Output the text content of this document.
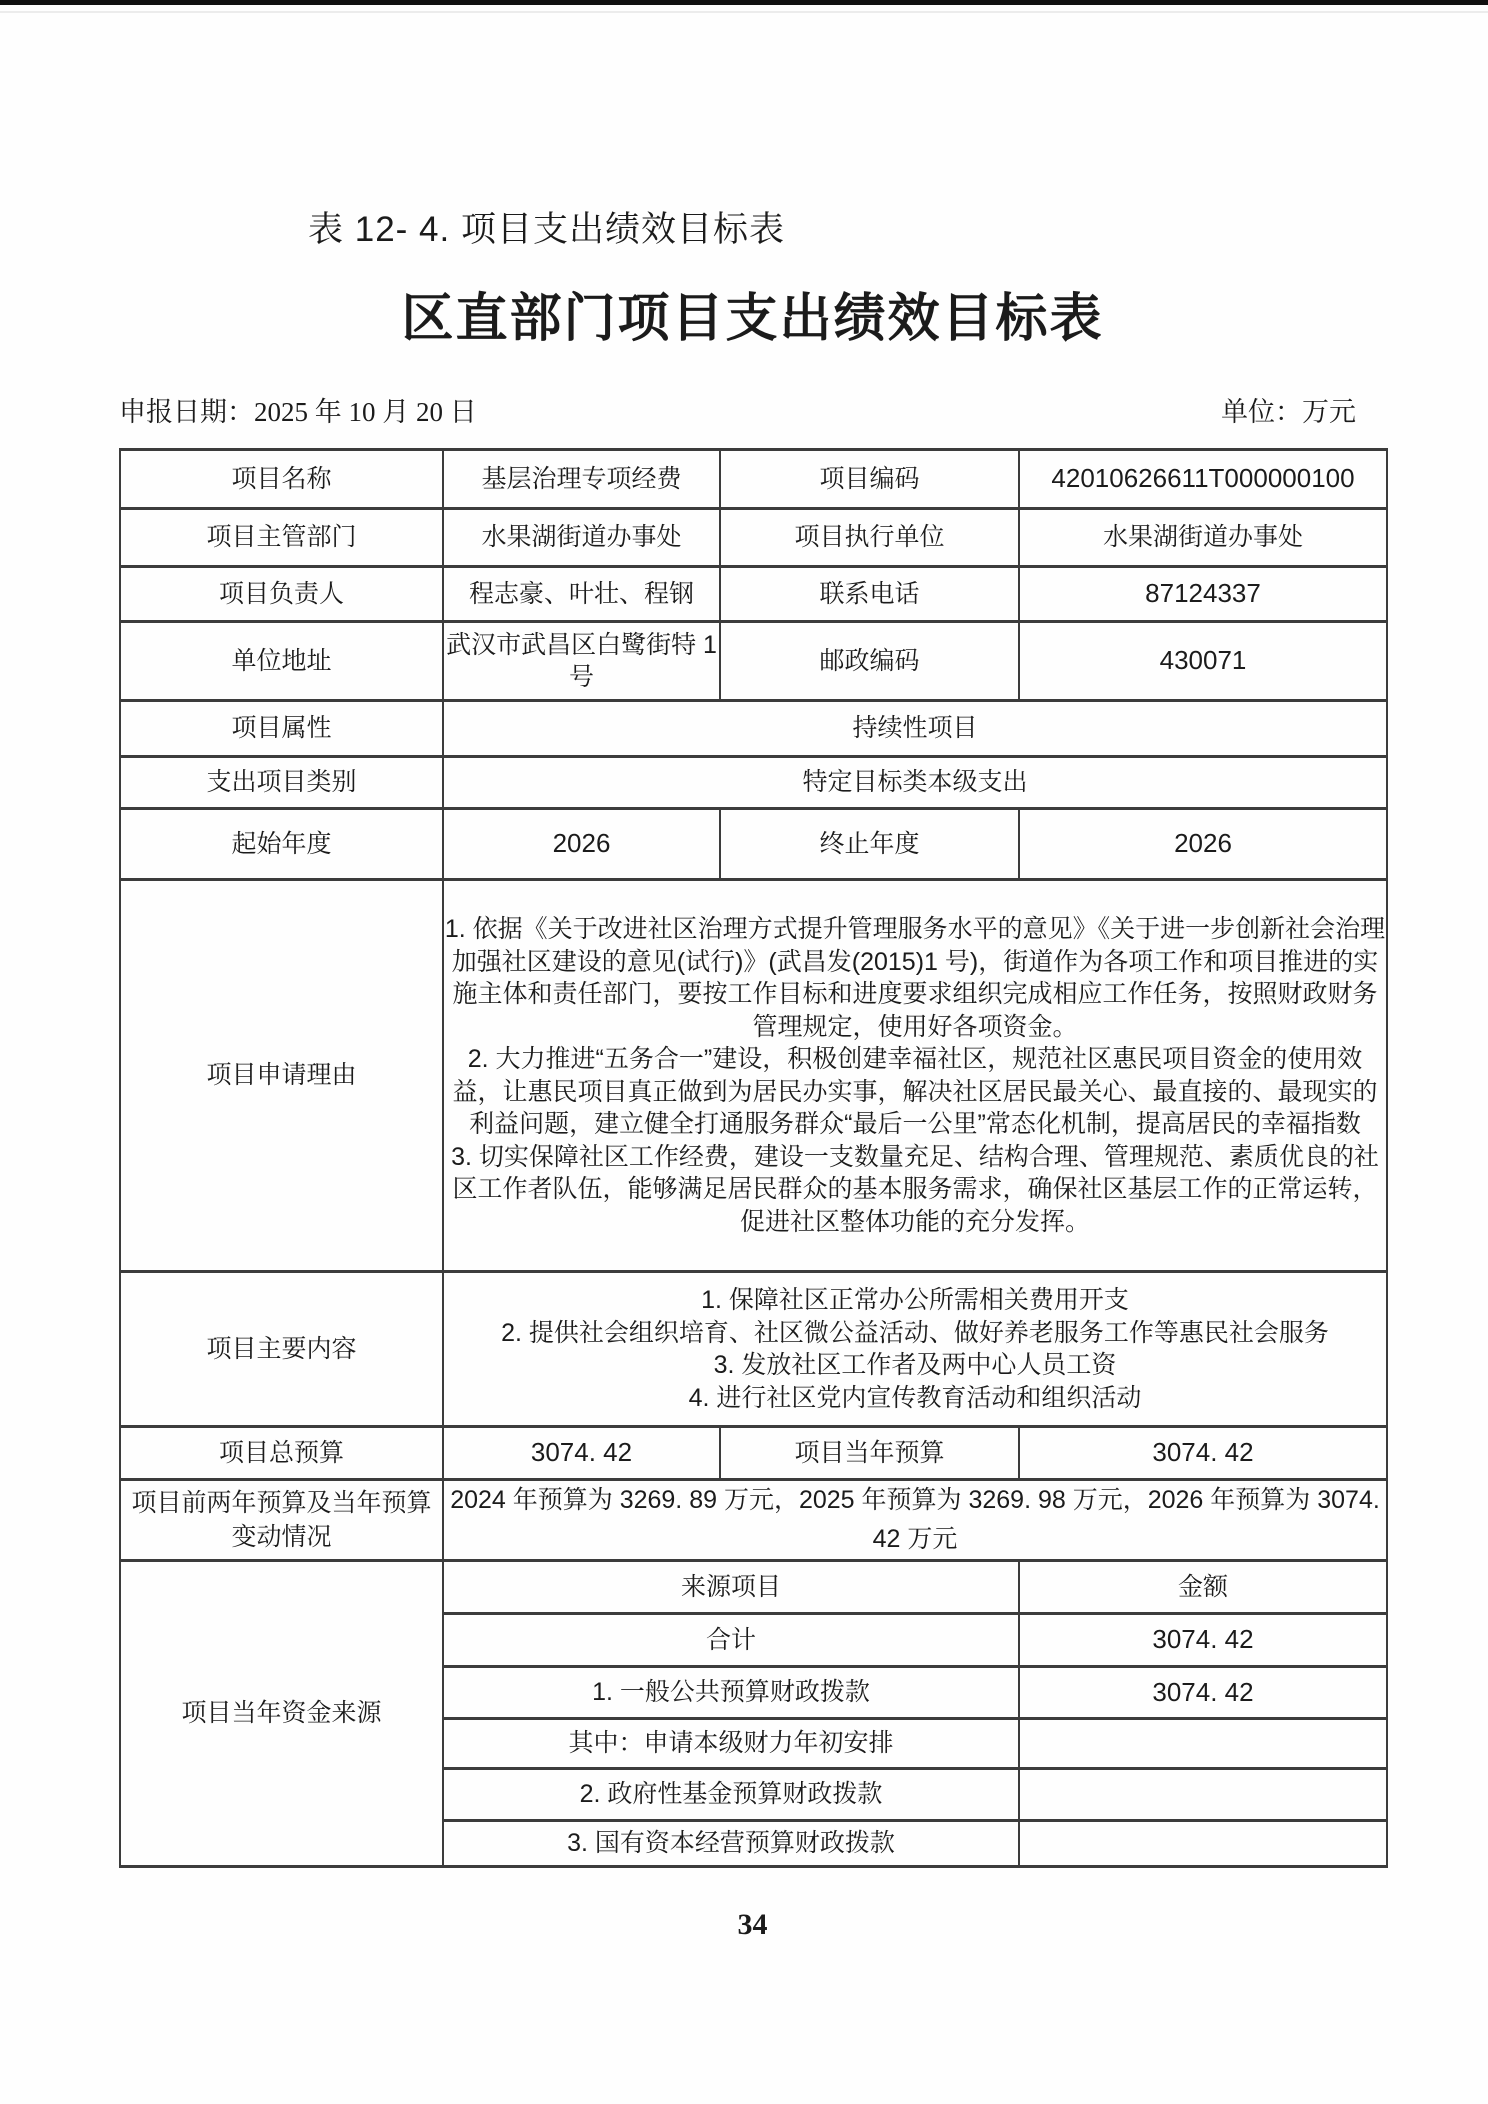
表 12- 4. 项目支出绩效目标表
区直部门项目支出绩效目标表
申报日期：2025 年 10 月 20 日	单位：万元
项目名称	基层治理专项经费	项目编码	42010626611T000000100
项目主管部门	水果湖街道办事处	项目执行单位	水果湖街道办事处
项目负责人	程志豪、叶壮、程钢	联系电话	87124337
单位地址	武汉市武昌区白鹭街特 1 号	邮政编码	430071
项目属性	持续性项目		
支出项目类别	特定目标类本级支出		
起始年度	2026	终止年度	2026
项目申请理由	1. 依据《关于改进社区治理方式提升管理服务水平的意见》《关于进一步创新社会治理加强社区建设的意见(试行)》(武昌发(2015)1 号)，街道作为各项工作和项目推进的实施主体和责任部门，要按工作目标和进度要求组织完成相应工作任务，按照财政财务管理规定，使用好各项资金。
2. 大力推进“五务合一”建设，积极创建幸福社区，规范社区惠民项目资金的使用效益，让惠民项目真正做到为居民办实事，解决社区居民最关心、最直接的、最现实的利益问题，建立健全打通服务群众“最后一公里”常态化机制，提高居民的幸福指数
3. 切实保障社区工作经费，建设一支数量充足、结构合理、管理规范、素质优良的社区工作者队伍，能够满足居民群众的基本服务需求，确保社区基层工作的正常运转，促进社区整体功能的充分发挥。		

项目主要内容	1. 保障社区正常办公所需相关费用开支
2. 提供社会组织培育、社区微公益活动、做好养老服务工作等惠民社会服务
3. 发放社区工作者及两中心人员工资
4. 进行社区党内宣传教育活动和组织活动		

项目总预算	3074. 42	项目当年预算	3074. 42
项目前两年预算及当年预算变动情况	2024 年预算为 3269. 89 万元，2025 年预算为 3269. 98 万元，2026 年预算为 3074. 42 万元		
项目当年资金来源	来源项目		金额
	合计		3074. 42
	1. 一般公共预算财政拨款		3074. 42
	其中：申请本级财力年初安排		
	2. 政府性基金预算财政拨款		
	3. 国有资本经营预算财政拨款		
34
